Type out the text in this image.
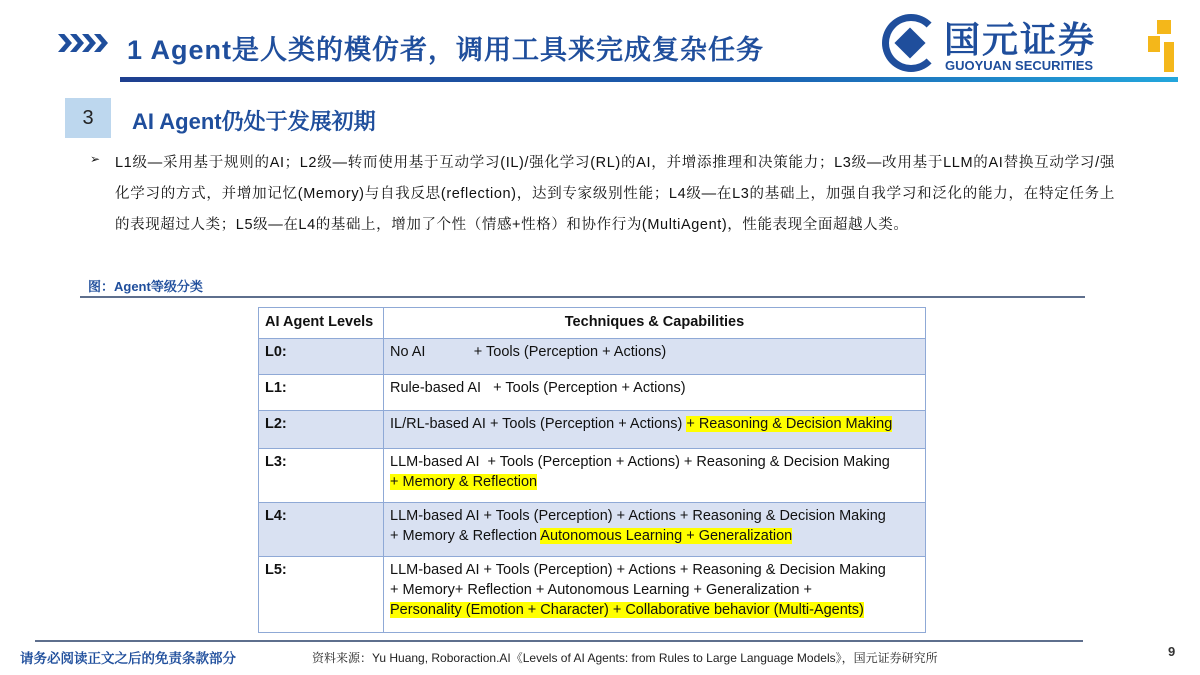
1 Agent是人类的模仿者，调用工具来完成复杂任务	国元证券
GUOYUAN SECURITIES
3	AI Agent仍处于发展初期
➢ L1级—采用基于规则的AI；L2级—转而使用基于互动学习(IL)/强化学习(RL)的AI，并增添推理和决策能力；L3级—改用基于LLM的AI替换互动学习/强化学习的方式，并增加记忆(Memory)与自我反思(reflection)，达到专家级别性能；L4级—在L3的基础上，加强自我学习和泛化的能力，在特定任务上的表现超过人类；L5级—在L4的基础上，增加了个性（情感+性格）和协作行为(MultiAgent)，性能表现全面超越人类。
图：Agent等级分类
AI Agent Levels	Techniques & Capabilities
L0:	No AI            + Tools (Perception + Actions)

L1:	Rule-based AI   + Tools (Perception + Actions)

L2:	IL/RL-based AI + Tools (Perception + Actions) + Reasoning & Decision Making

L3:	LLM-based AI  + Tools (Perception + Actions) + Reasoning & Decision Making
+ Memory & Reflection

L4:	LLM-based AI + Tools (Perception) + Actions + Reasoning & Decision Making
+ Memory & Reflection Autonomous Learning + Generalization

L5:	LLM-based AI + Tools (Perception) + Actions + Reasoning & Decision Making
+ Memory+ Reflection + Autonomous Learning + Generalization +
Personality (Emotion + Character) + Collaborative behavior (Multi-Agents)
请务必阅读正文之后的免责条款部分	资料来源：Yu Huang, Roboraction.AI《Levels of AI Agents: from Rules to Large Language Models》，国元证券研究所	9
